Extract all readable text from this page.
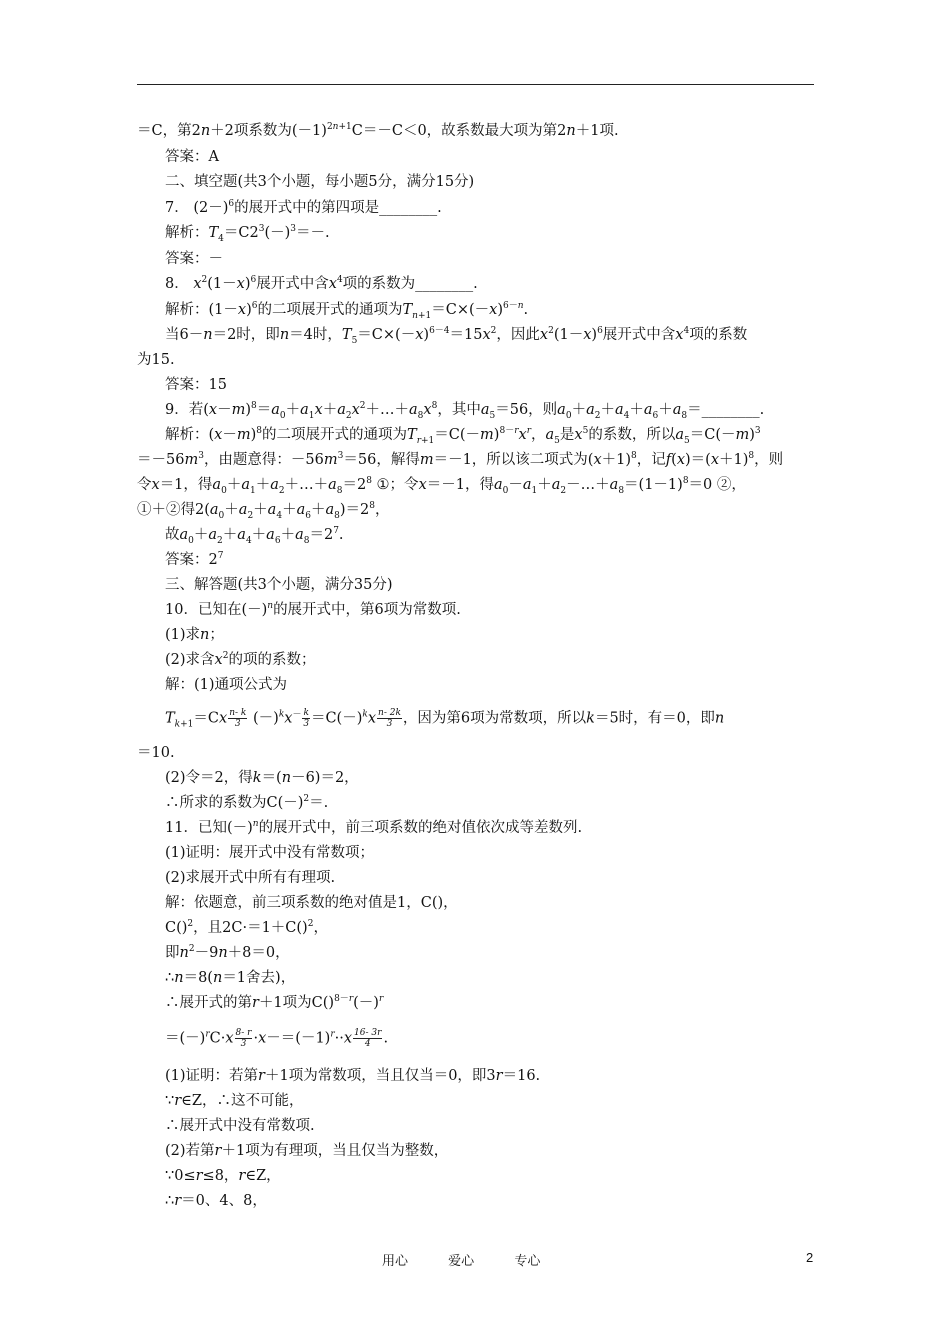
＝C，第2n＋2项系数为$(-1)^{2n+1}C=-C<0$，故系数最大项为第2n＋1项.
答案：A
二、填空题(共3个小题，每小题5分，满分15分)
7． $(2-)^6$的展开式中的第四项是________.
解析：$T_4=C2^3(-)^3=-$.
答案：－
8． $x^2(1-x)^6$展开式中含$x^4$项的系数为________.
解析：$(1-x)^6$的二项展开式的通项为$T_{n+1}=C\times(-x)^{6-n}$.
当6－n＝2时，即n＝4时，$T_5=C\times(-x)^{6-4}=15x^2$，因此$x^2(1-x)^6$展开式中含$x^4$项的系数
为15.
答案：15
9．若$(x-m)^8=a_0+a_1x+a_2x^2+\dots+a_8x^8$，其中$a_5=56$，则$a_0+a_2+a_4+a_6+a_8=\_\_\_\_\_\_\_\_$.
解析：$(x-m)^8$的二项展开式的通项为$T_{r+1}=C(-m)^{8-r}x^r$，$a_5$是$x^5$的系数，所以$a_5=C(-m)^3$
$=-56m^3$，由题意得：$-56m^3=56$，解得m＝－1，所以该二项式为$(x+1)^8$，记$f(x)=(x+1)^8$，则
令x＝1，得$a_0+a_1+a_2+\dots+a_8=2^8$ ①；令x＝－1，得$a_0-a_1+a_2-\dots+a_8=(1-1)^8=0$ ②，
①＋②得$2(a_0+a_2+a_4+a_6+a_8)=2^8$，
故$a_0+a_2+a_4+a_6+a_8=2^7$.
答案：$2^7$
三、解答题(共3个小题，满分35分)
10．已知在$(-)^n$的展开式中，第6项为常数项.
(1)求n；
(2)求含$x^2$的项的系数；
解：(1)通项公式为
$T_{k+1}=Cx \frac{n- k}{3} (-)^kx^- \frac{k}{3} =C(-)^kx \frac{n- 2k}{3}$ ，因为第6项为常数项，所以k＝5时，有＝0，即n
＝10.
(2)令＝2，得k＝(n－6)＝2，
∴所求的系数为$C(-)^2=$.
11．已知$(-)^n$的展开式中，前三项系数的绝对值依次成等差数列.
(1)证明：展开式中没有常数项；
(2)求展开式中所有有理项.
解：依题意，前三项系数的绝对值是1，C()，
C()$^2$，且2C·＝1＋C()$^2$，
即$n^2-9n+8=0$，
∴n＝8(n＝1舍去)，
∴展开式的第r＋1项为$C()^{8-r}(-)^r$
$=(-)^rC\cdot x \frac{8- r}{3} \cdot x-=(-1)^r\cdot\cdot x \frac{16- 3r}{4}$ .
(1)证明：若第r＋1项为常数项，当且仅当＝0，即3r＝16.
∵r∈Z，∴这不可能，
∴展开式中没有常数项.
(2)若第r＋1项为有理项，当且仅当为整数，
∵0≤r≤8，r∈Z，
∴r＝0、4、8，
用心	爱心	专心	2
